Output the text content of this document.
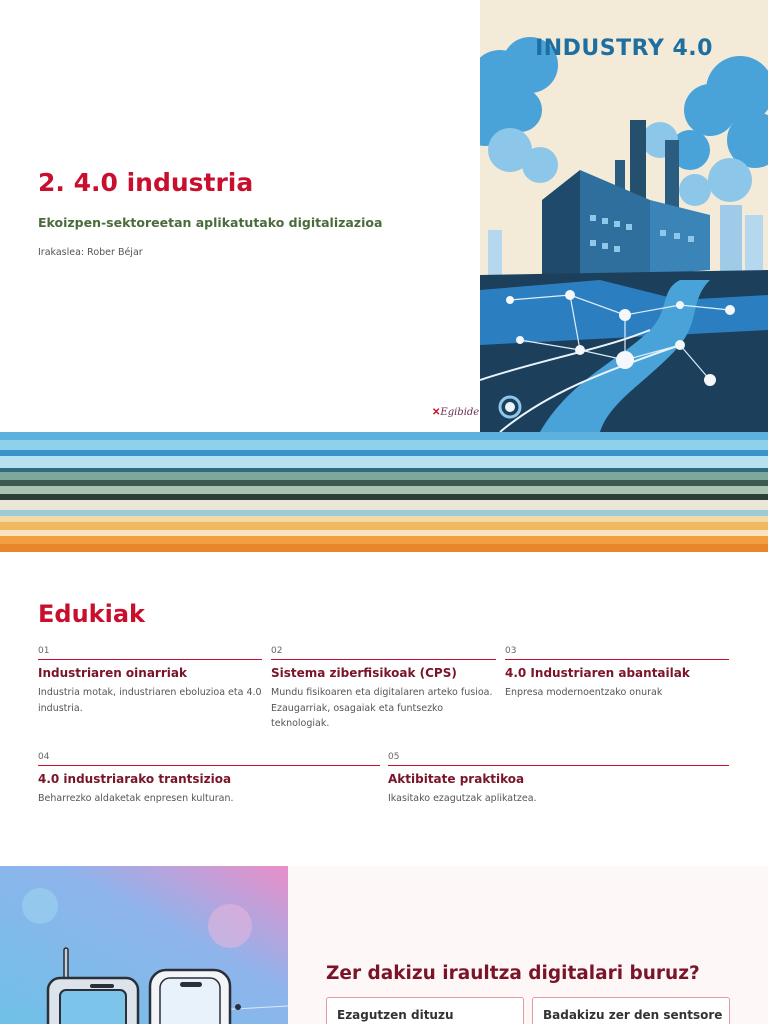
2. 4.0 industria
Ekoizpen-sektoreetan aplikatutako digitalizazioa
Irakaslea: Rober Béjar
✕Egibide
INDUSTRY 4.0
Edukiak
01
Industriaren oinarriak
Industria motak, industriaren eboluzioa eta 4.0 industria.
02
Sistema ziberfisikoak (CPS)
Mundu fisikoaren eta digitalaren arteko fusioa. Ezaugarriak, osagaiak eta funtsezko teknologiak.
03
4.0 Industriaren abantailak
Enpresa modernoentzako onurak
04
4.0 industriarako trantsizioa
Beharrezko aldaketak enpresen kulturan.
05
Aktibitate praktikoa
Ikasitako ezagutzak aplikatzea.
Zer dakizu iraultza digitalari buruz?
Ezagutzen dituzu	Badakizu zer den sentsore
